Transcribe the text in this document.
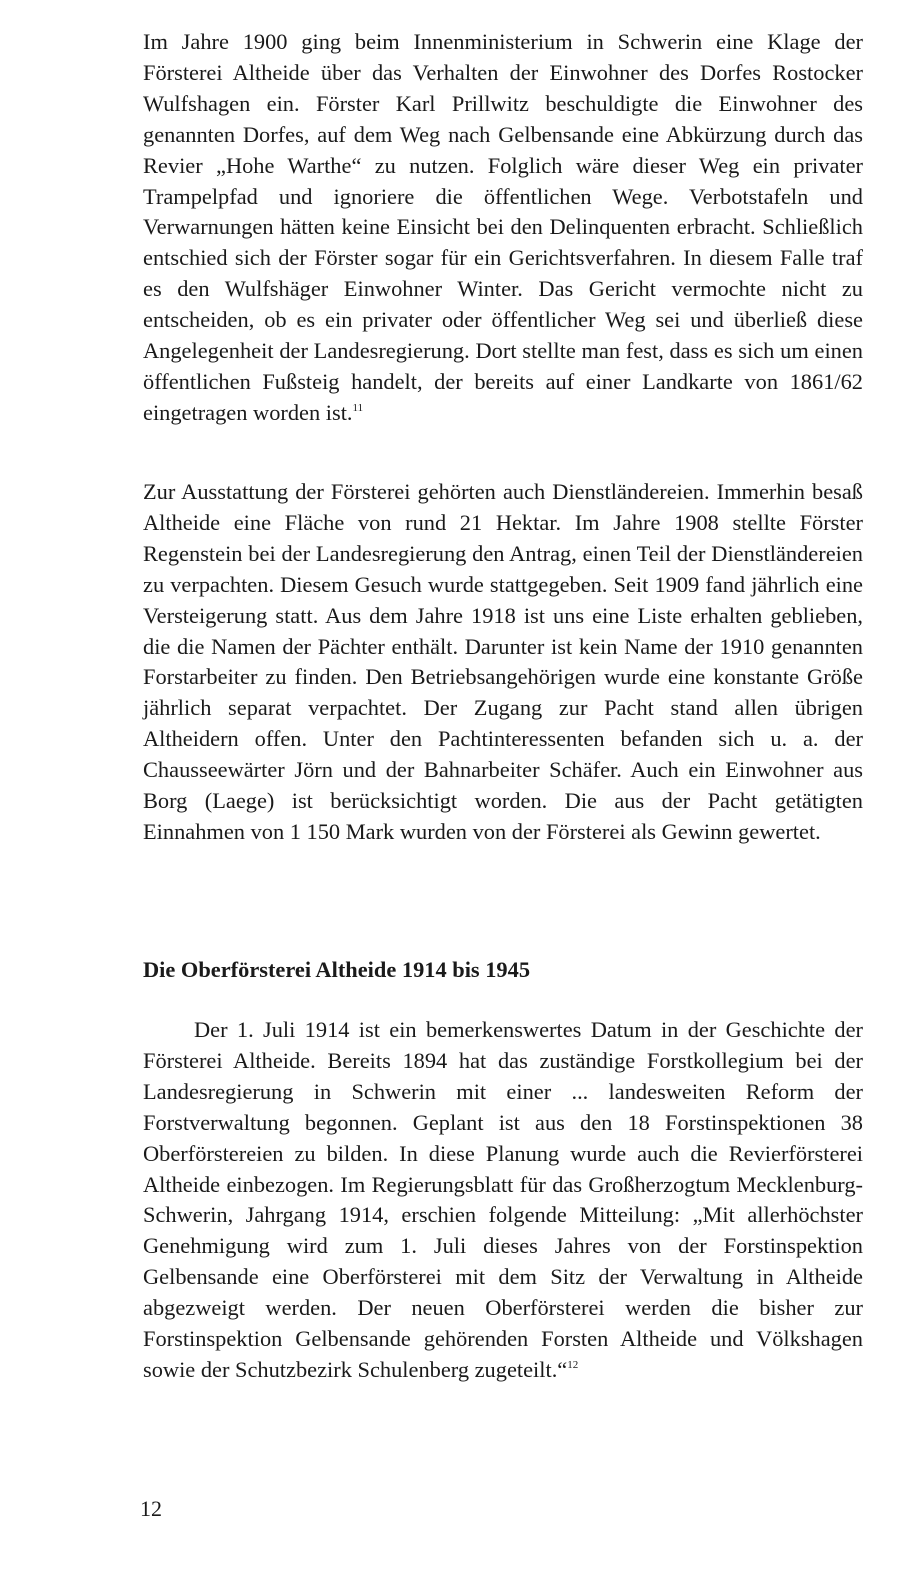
Im Jahre 1900 ging beim Innenministerium in Schwerin eine Klage der Försterei Altheide über das Verhalten der Einwohner des Dorfes Rostocker Wulfshagen ein. Förster Karl Prillwitz beschuldigte die Einwohner des genannten Dorfes, auf dem Weg nach Gelbensande eine Abkürzung durch das Revier „Hohe Warthe“ zu nutzen. Folglich wäre dieser Weg ein privater Trampelpfad und ignoriere die öffentlichen Wege. Verbotstafeln und Verwarnungen hätten keine Einsicht bei den Delinquenten erbracht. Schließlich entschied sich der Förster sogar für ein Gerichtsverfahren. In diesem Falle traf es den Wulfshäger Einwohner Winter. Das Gericht vermochte nicht zu entscheiden, ob es ein privater oder öffentlicher Weg sei und überließ diese Angelegenheit der Landesregierung. Dort stellte man fest, dass es sich um einen öffentlichen Fußsteig handelt, der bereits auf einer Landkarte von 1861/62 eingetragen worden ist.$^{11}$

Zur Ausstattung der Försterei gehörten auch Dienstländereien. Immerhin besaß Altheide eine Fläche von rund 21 Hektar. Im Jahre 1908 stellte Förster Regenstein bei der Landesregierung den Antrag, einen Teil der Dienstländereien zu verpachten. Diesem Gesuch wurde stattgegeben. Seit 1909 fand jährlich eine Versteigerung statt. Aus dem Jahre 1918 ist uns eine Liste erhalten geblieben, die die Namen der Pächter enthält. Darunter ist kein Name der 1910 genannten Forstarbeiter zu finden. Den Betriebsangehörigen wurde eine konstante Größe jährlich separat verpachtet. Der Zugang zur Pacht stand allen übrigen Altheidern offen. Unter den Pachtinteressenten befanden sich u. a. der Chausseewärter Jörn und der Bahnarbeiter Schäfer. Auch ein Einwohner aus Borg (Laege) ist berücksichtigt worden. Die aus der Pacht getätigten Einnahmen von 1 150 Mark wurden von der Försterei als Gewinn gewertet.

Die Oberförsterei Altheide 1914 bis 1945

Der 1. Juli 1914 ist ein bemerkenswertes Datum in der Geschichte der Försterei Altheide. Bereits 1894 hat das zuständige Forstkollegium bei der Landesregierung in Schwerin mit einer ... landesweiten Reform der Forstverwaltung begonnen. Geplant ist aus den 18 Forstinspektionen 38 Oberförstereien zu bilden. In diese Planung wurde auch die Revierförsterei Altheide einbezogen. Im Regierungsblatt für das Großherzogtum Mecklenburg-Schwerin, Jahrgang 1914, erschien folgende Mitteilung: „Mit allerhöchster Genehmigung wird zum 1. Juli dieses Jahres von der Forstinspektion Gelbensande eine Oberförsterei mit dem Sitz der Verwaltung in Altheide abgezweigt werden. Der neuen Oberförsterei werden die bisher zur Forstinspektion Gelbensande gehörenden Forsten Altheide und Völkshagen sowie der Schutzbezirk Schulenberg zugeteilt.“$^{12}$

12
